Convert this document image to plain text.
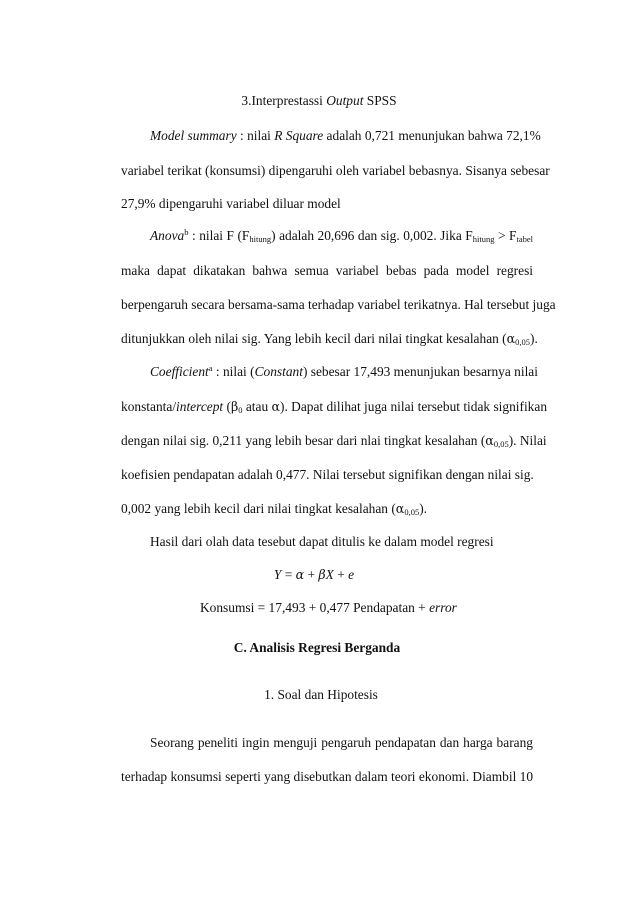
3.Interprestassi Output SPSS
Model summary : nilai R Square adalah 0,721 menunjukan bahwa 72,1%
variabel terikat (konsumsi) dipengaruhi oleh variabel bebasnya. Sisanya sebesar
27,9% dipengaruhi variabel diluar model
Anova$^b$ : nilai F $(F_{hitung})$ adalah 20,696 dan sig. 0,002. Jika $F_{hitung} > F_{tabel}$
maka dapat dikatakan bahwa semua variabel bebas pada model regresi
berpengaruh secara bersama-sama terhadap variabel terikatnya. Hal tersebut juga
ditunjukkan oleh nilai sig. Yang lebih kecil dari nilai tingkat kesalahan $(\alpha_{0,05})$.
Coefficient$^a$ : nilai (Constant) sebesar 17,493 menunjukan besarnya nilai
konstanta/intercept ($\beta_0$ atau α). Dapat dilihat juga nilai tersebut tidak signifikan
dengan nilai sig. 0,211 yang lebih besar dari nlai tingkat kesalahan $(\alpha_{0,05})$. Nilai
koefisien pendapatan adalah 0,477. Nilai tersebut signifikan dengan nilai sig.
0,002 yang lebih kecil dari nilai tingkat kesalahan $(\alpha_{0,05})$.
Hasil dari olah data tesebut dapat ditulis ke dalam model regresi
Y = α + βX + e
Konsumsi = 17,493 + 0,477 Pendapatan + error
C. Analisis Regresi Berganda
1. Soal dan Hipotesis
Seorang peneliti ingin menguji pengaruh pendapatan dan harga barang
terhadap konsumsi seperti yang disebutkan dalam teori ekonomi. Diambil 10
